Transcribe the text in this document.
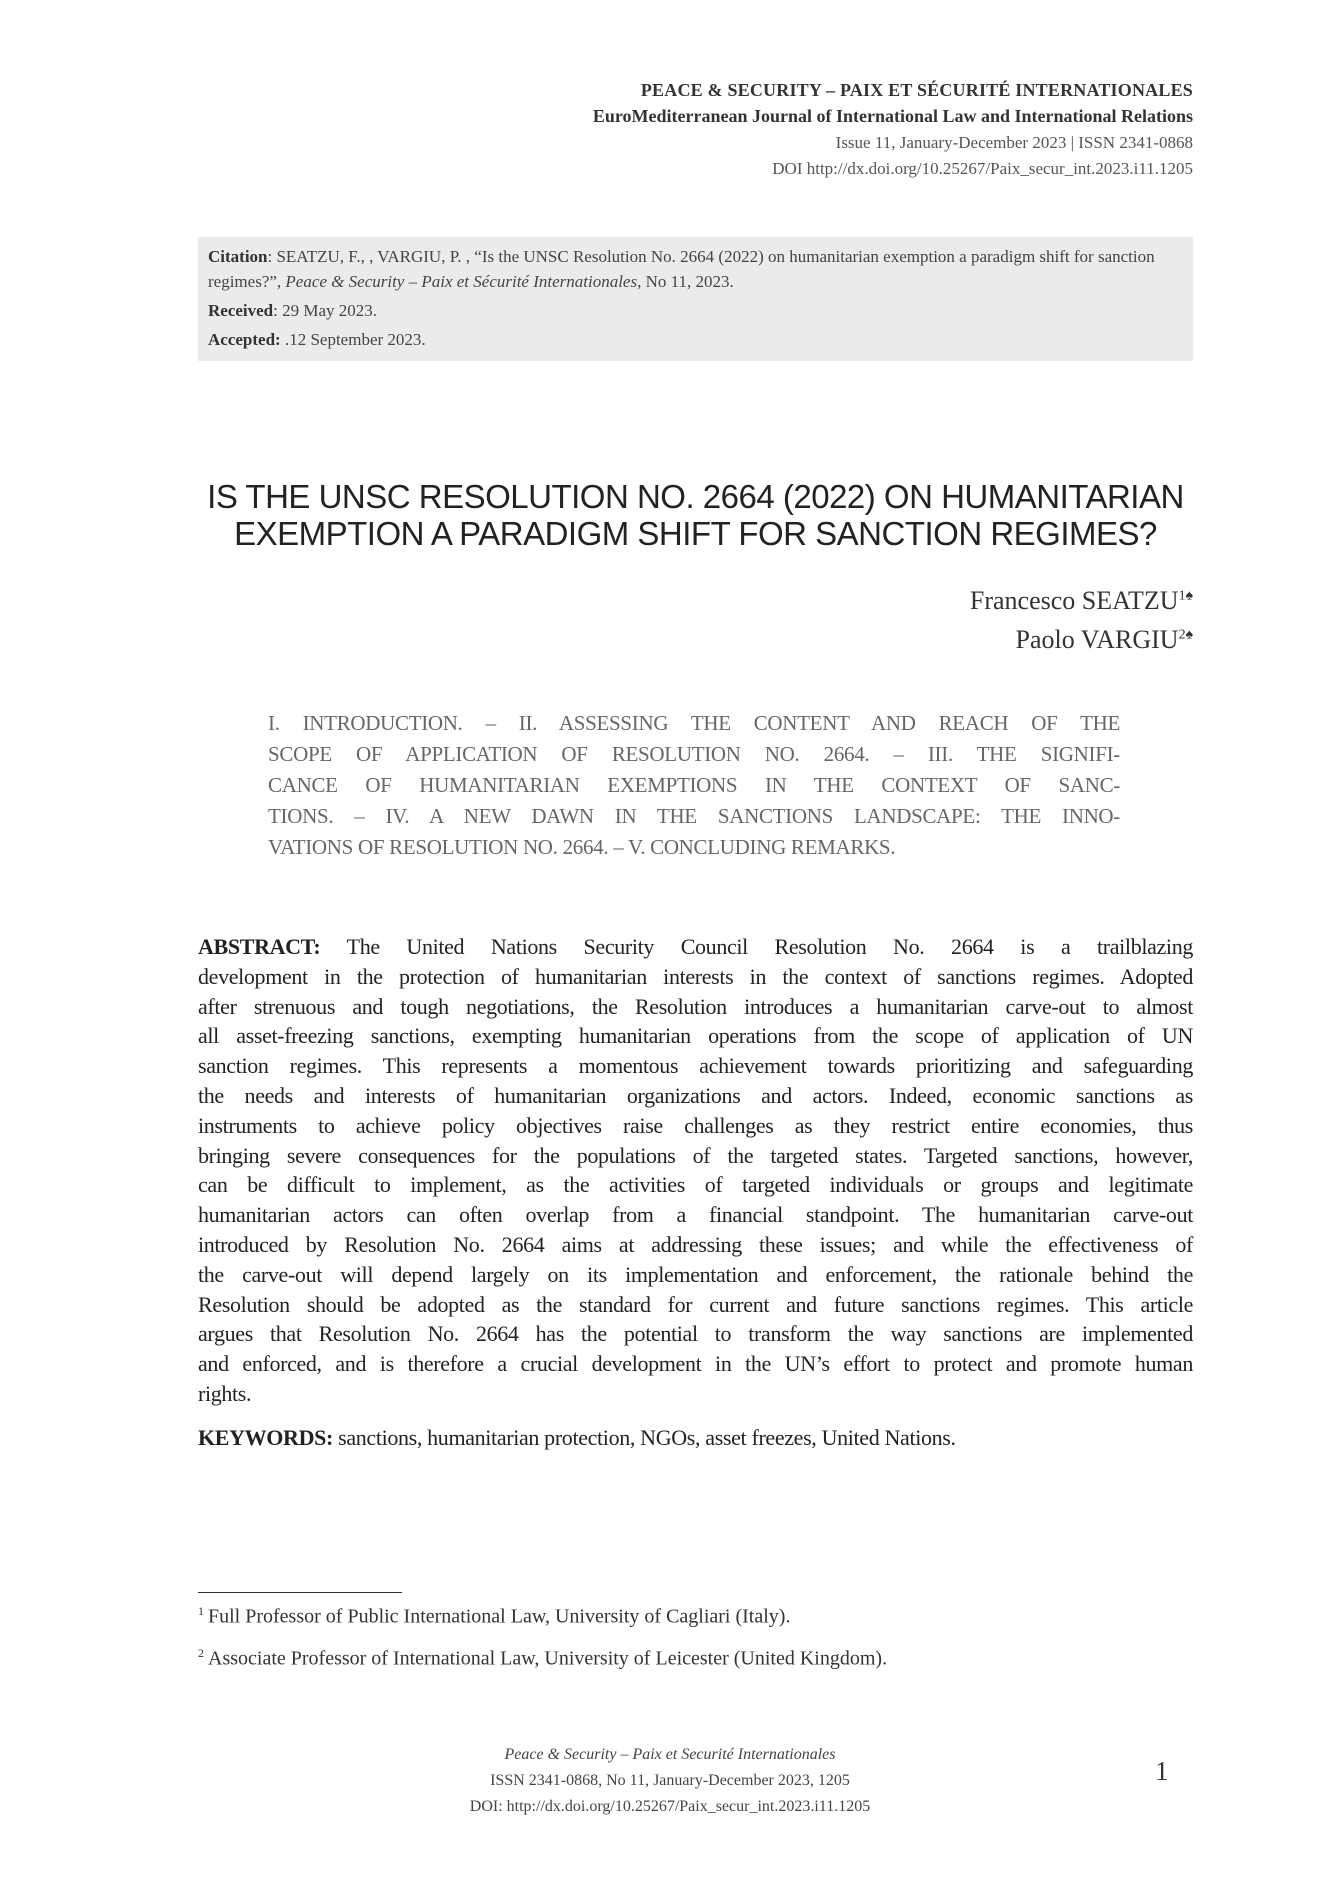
PEACE & SECURITY – PAIX ET SÉCURITÉ INTERNATIONALES
EuroMediterranean Journal of International Law and International Relations
Issue 11, January-December 2023 | ISSN 2341-0868
DOI http://dx.doi.org/10.25267/Paix_secur_int.2023.i11.1205

Citation: SEATZU, F., , VARGIU, P. , “Is the UNSC Resolution No. 2664 (2022) on humanitarian exemption a paradigm shift for sanction regimes?”, Peace & Security – Paix et Sécurité Internationales, No 11, 2023.

Received: 29 May 2023.

Accepted: .12 September 2023.

IS THE UNSC RESOLUTION NO. 2664 (2022) ON HUMANITARIAN
EXEMPTION A PARADIGM SHIFT FOR SANCTION REGIMES?
Francesco $SEATZU^{1♠}$
Paolo $VARGIU^{2♠}$
I. INTRODUCTION. – II. ASSESSING THE CONTENT AND REACH OF THE
SCOPE OF APPLICATION OF RESOLUTION NO. 2664. – III. THE SIGNIFI-
CANCE OF HUMANITARIAN EXEMPTIONS IN THE CONTEXT OF SANC-
TIONS. – IV. A NEW DAWN IN THE SANCTIONS LANDSCAPE: THE INNO-
VATIONS OF RESOLUTION NO. 2664. – V. CONCLUDING REMARKS.
ABSTRACT: The United Nations Security Council Resolution No. 2664 is a trailblazing
development in the protection of humanitarian interests in the context of sanctions regimes. Adopted
after strenuous and tough negotiations, the Resolution introduces a humanitarian carve-out to almost
all asset-freezing sanctions, exempting humanitarian operations from the scope of application of UN
sanction regimes. This represents a momentous achievement towards prioritizing and safeguarding
the needs and interests of humanitarian organizations and actors. Indeed, economic sanctions as
instruments to achieve policy objectives raise challenges as they restrict entire economies, thus
bringing severe consequences for the populations of the targeted states. Targeted sanctions, however,
can be difficult to implement, as the activities of targeted individuals or groups and legitimate
humanitarian actors can often overlap from a financial standpoint. The humanitarian carve-out
introduced by Resolution No. 2664 aims at addressing these issues; and while the effectiveness of
the carve-out will depend largely on its implementation and enforcement, the rationale behind the
Resolution should be adopted as the standard for current and future sanctions regimes. This article
argues that Resolution No. 2664 has the potential to transform the way sanctions are implemented
and enforced, and is therefore a crucial development in the UN’s effort to protect and promote human
rights.
KEYWORDS: sanctions, humanitarian protection, NGOs, asset freezes, United Nations.
$^1$ Full Professor of Public International Law, University of Cagliari (Italy).
$^2$ Associate Professor of International Law, University of Leicester (United Kingdom).
Peace & Security – Paix et Securité Internationales
ISSN 2341-0868, No 11, January-December 2023, 1205
DOI: http://dx.doi.org/10.25267/Paix_secur_int.2023.i11.1205
1
